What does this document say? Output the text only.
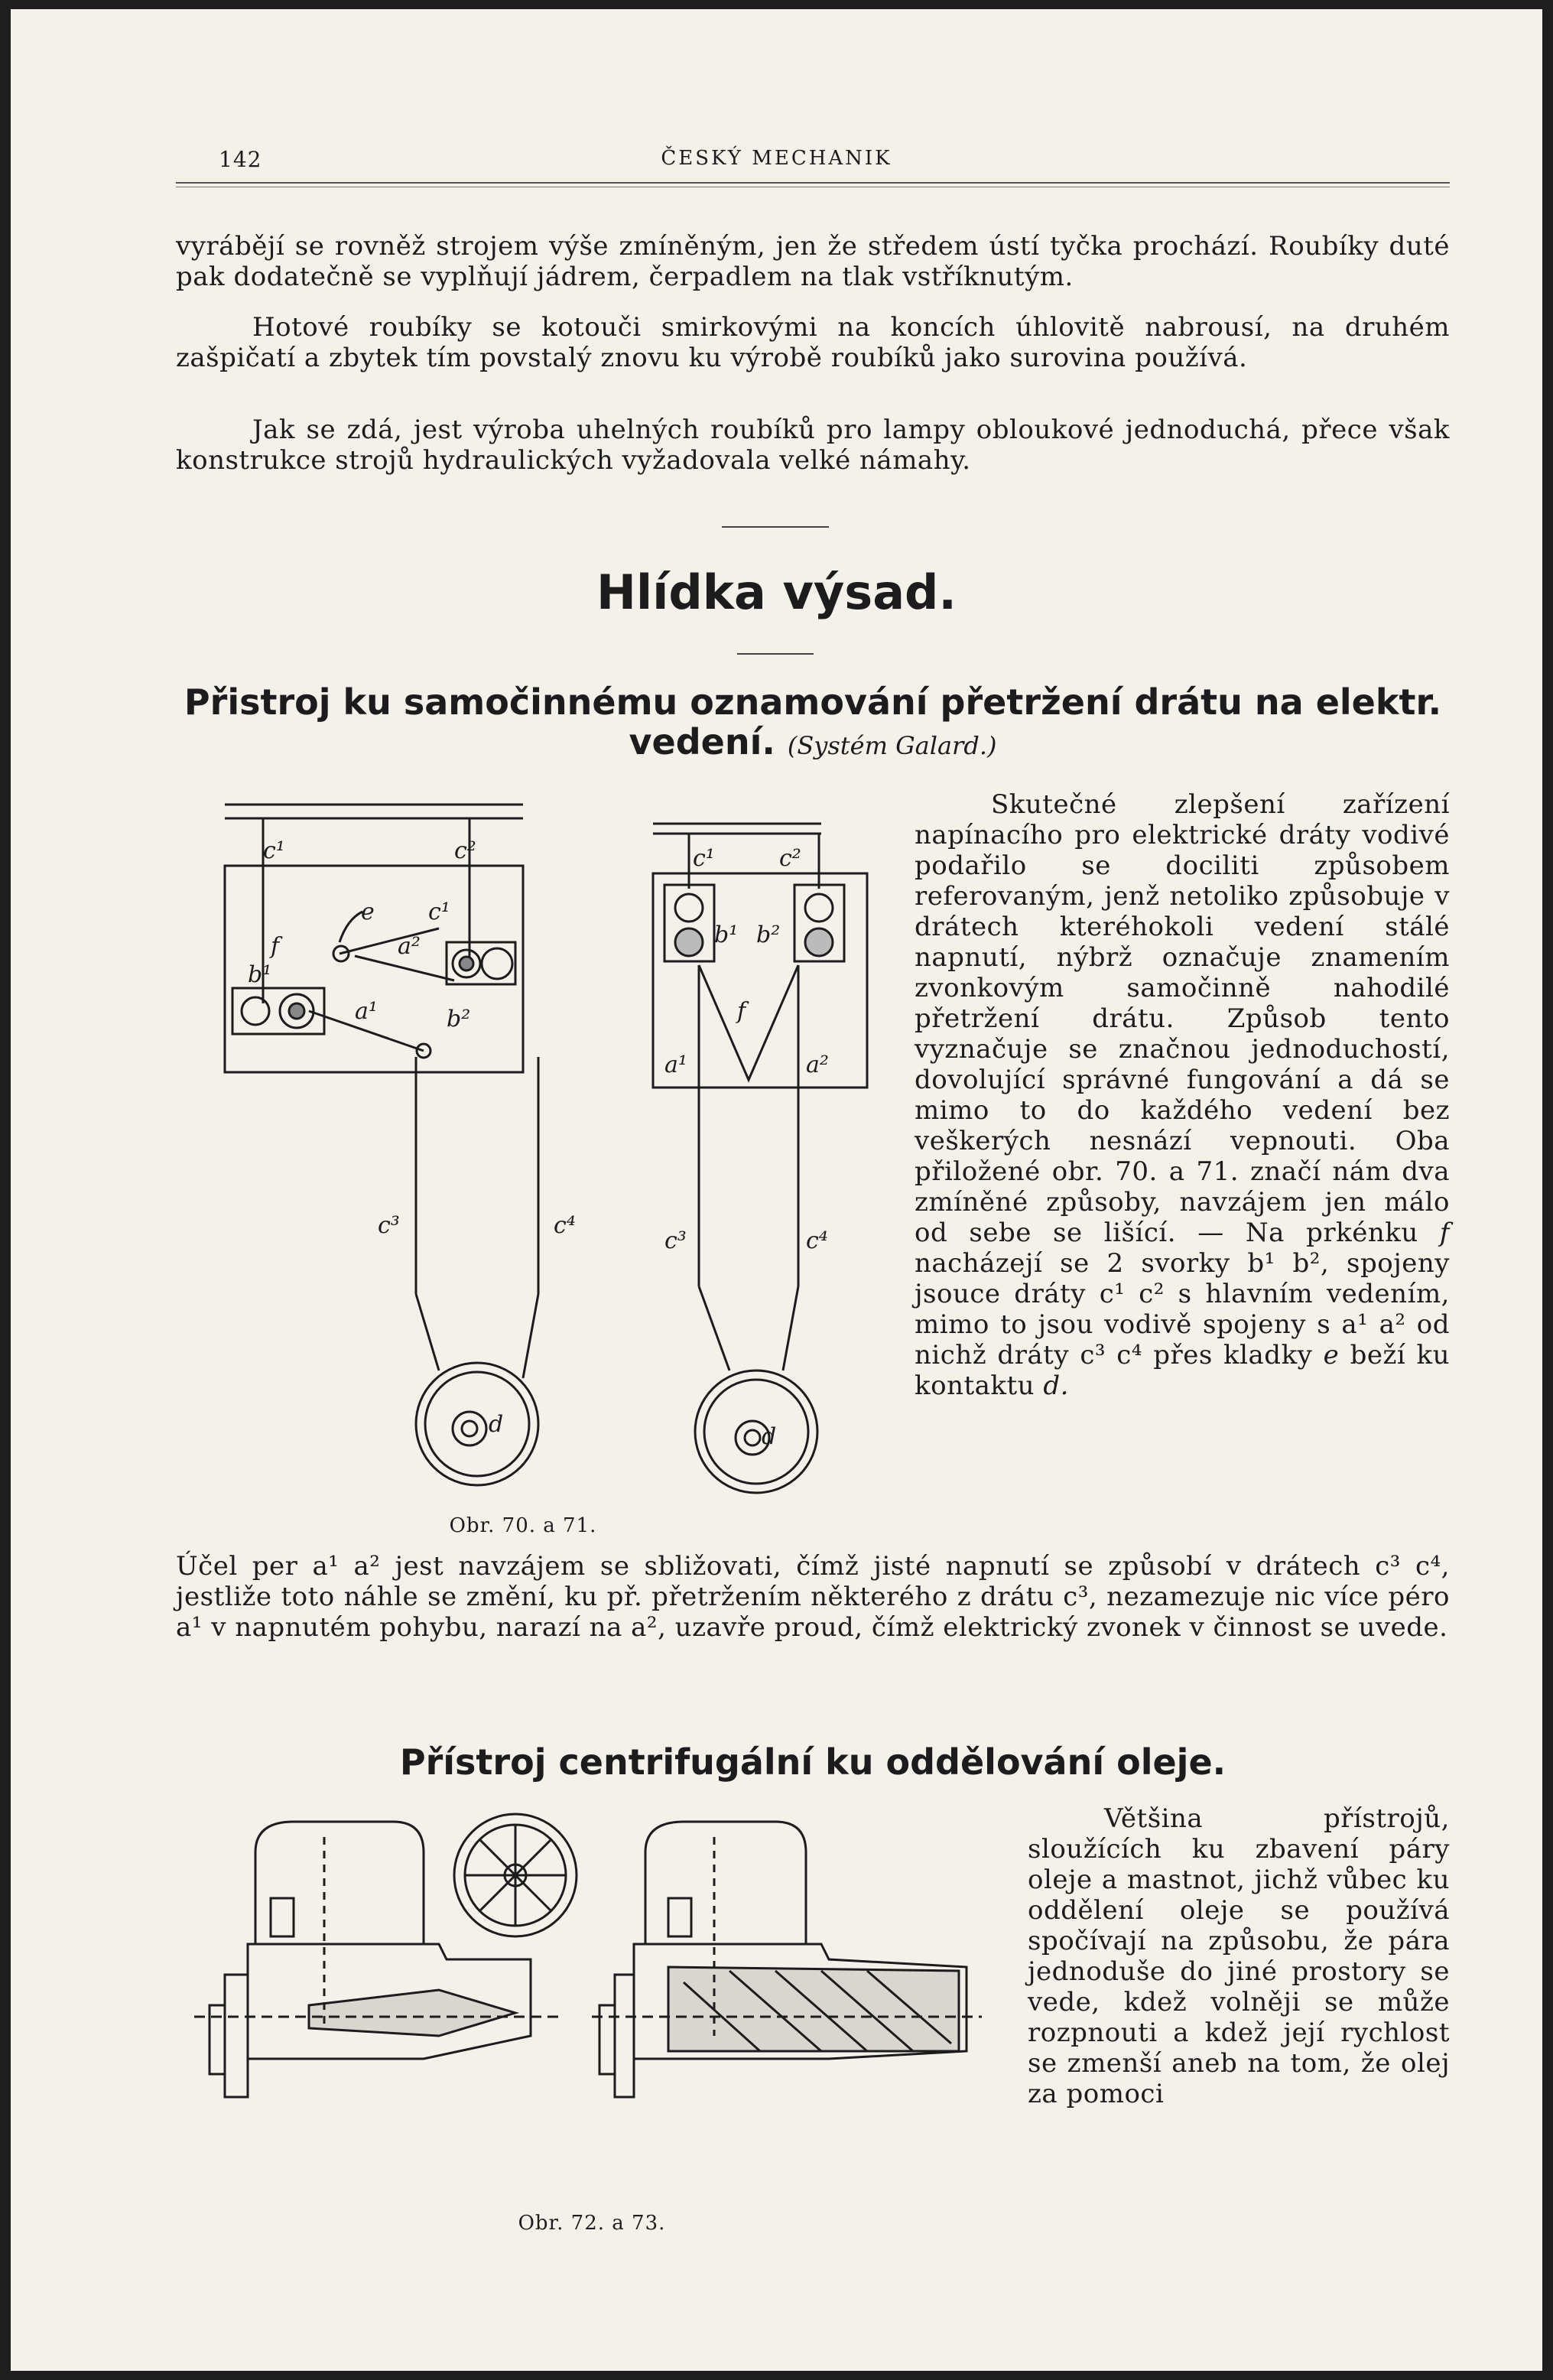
142	ČESKÝ MECHANIK

vyrábějí se rovněž strojem výše zmíněným, jen že středem ústí tyčka prochází. Roubíky duté pak dodatečně se vyplňují jádrem, čerpadlem na tlak vstříknutým.

Hotové roubíky se kotouči smirkovými na koncích úhlovitě nabrousí, na druhém zašpičatí a zbytek tím povstalý znovu ku výrobě roubíků jako surovina používá.

Jak se zdá, jest výroba uhelných roubíků pro lampy obloukové jednoduchá, přece však konstrukce strojů hydraulických vyžadovala velké námahy.

Hlídka výsad.

Přistroj ku samočinnému oznamování přetržení drátu na elektr. vedení. (Systém Galard.)

c¹	c²
e c¹
f	a²
b¹
a¹	b²
c³	c⁴
d
c¹	c²
b¹ b²
f
a¹	a²
c³	c⁴
d
Obr. 70. a 71.

Skutečné zlepšení zařízení napínacího pro elektrické dráty vodivé podařilo se dociliti způsobem referovaným, jenž netoliko způsobuje v drátech kteréhokoli vedení stálé napnutí, nýbrž označuje znamením zvonkovým samočinně nahodilé přetržení drátu. Způsob tento vyznačuje se značnou jednoduchostí, dovolující správné fungování a dá se mimo to do každého vedení bez veškerých nesnází vepnouti. Oba přiložené obr. 70. a 71. značí nám dva zmíněné způsoby, navzájem jen málo od sebe se lišící. — Na prkénku f nacházejí se 2 svorky b¹ b², spojeny jsouce dráty c¹ c² s hlavním vedením, mimo to jsou vodivě spojeny s a¹ a² od nichž dráty c³ c⁴ přes kladky e beží ku kontaktu d.

Účel per a¹ a² jest navzájem se sbližovati, čímž jisté napnutí se způsobí v drátech c³ c⁴, jestliže toto náhle se změní, ku př. přetržením některého z drátu c³, nezamezuje nic více péro a¹ v napnutém pohybu, narazí na a², uzavře proud, čímž elektrický zvonek v činnost se uvede.

Přístroj centrifugální ku oddělování oleje.

Obr. 72. a 73.

Většina přístrojů, sloužících ku zbavení páry oleje a mastnot, jichž vůbec ku oddělení oleje se používá spočívají na způsobu, že pára jednoduše do jiné prostory se vede, kdež volněji se může rozpnouti a kdež její rychlost se zmenší aneb na tom, že olej za pomoci
